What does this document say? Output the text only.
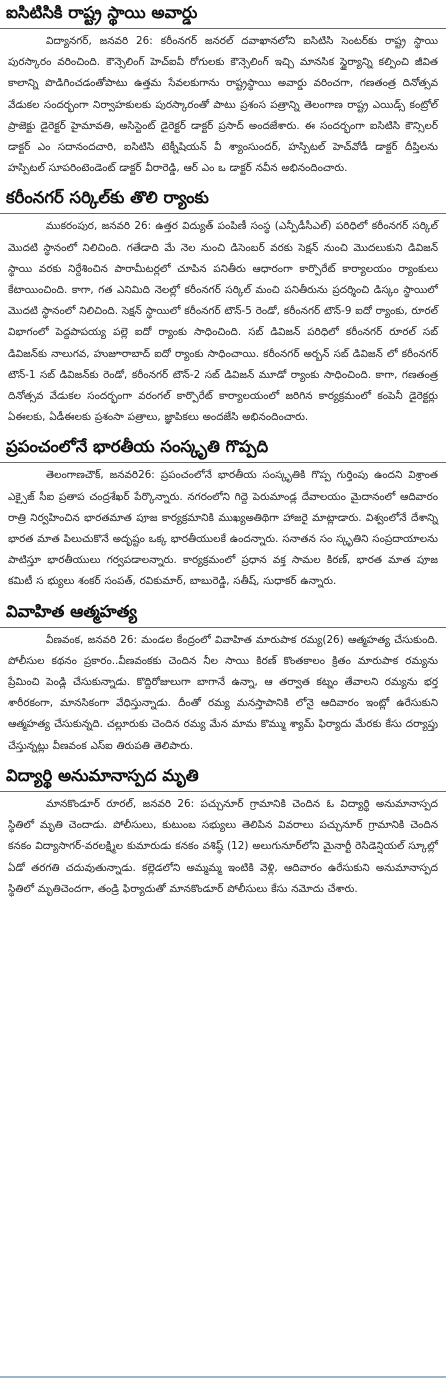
ఐసిటిసికి రాష్ట్ర స్థాయి అవార్డు

విద్యానగర్‌, జనవరి 26: కరీంనగర్‌ జనరల్‌ దవాఖానలోని ఐసిటిసి సెంటర్‌కు రాష్ట్ర స్థాయి పురస్కారం వరించింది. కౌన్సెలింగ్‌ హెచ్‌ఐవీ రోగులకు కౌన్సెలింగ్‌ ఇచ్చి మానసిక స్థైర్యాన్ని కల్పించి జీవిత కాలాన్ని పొడిగించడంతోపాటు ఉత్తమ సేవలకుగాను రాష్ట్రస్థాయి అవార్డు వరించగా, గణతంత్ర దినోత్సవ వేడుకల సందర్భంగా నిర్వాహకులకు పురస్కారంతో పాటు ప్రశంస పత్రాన్ని తెలంగాణ రాష్ట్ర ఎయిడ్స్‌ కంట్రోల్‌ ప్రాజెక్టు డైరెక్టర్‌ హైమావతి, అసిస్టెంట్‌ డైరెక్టర్‌ డాక్టర్‌ ప్రసాద్‌ అందజేశారు. ఈ సందర్భంగా ఐసిటిసి కౌన్సిలర్‌ డాక్టర్‌ ఎం సదానందచారి, ఐసిటిసి టెక్నీషియన్‌ వీ శ్యాంసుందర్‌, హస్పిటల్‌ హెచ్‌వోడీ డాక్టర్‌ దీప్తిలను హస్పిటల్‌ సూపరింటెండెంట్‌ డాక్టర్‌ వీరారెడ్డి, ఆర్‌ ఎం ఒ డాక్టర్‌ నవీన అభినందించారు.

కరీంనగర్‌ సర్కిల్‌కు తొలి ర్యాంకు

ముకరంపుర, జనవరి 26: ఉత్తర విద్యుత్‌ పంపిణీ సంస్థ (ఎన్పీడీసీఎల్‌) పరిధిలో కరీంనగర్‌ సర్కిల్‌ మొదటి స్థానంలో నిలిచింది. గతేడాది మే నెల నుంచి డిసెంబర్‌ వరకు సెక్షన్‌ నుంచి మొదలుకుని డివిజన్‌ స్థాయి వరకు నిర్దేశించిన పారామీటర్లలో చూపిన పనితీరు ఆధారంగా కార్పొరేట్‌ కార్యాలయం ర్యాంకులు కేటాయించింది. కాగా, గత ఎనిమిది నెలల్లో కరీంనగర్‌ సర్కిల్‌ మంచి పనితీరును ప్రదర్శించి డిస్కం స్థాయిలో మొదటి స్థానంలో నిలిచింది. సెక్షన్‌ స్థాయిలో కరీంనగర్‌ టౌన్‌-5 రెండో, కరీంనగర్‌ టౌన్‌-9 ఐదో ర్యాంకు, రూరల్‌ విభాగంలో పెద్దపాపయ్య పల్లె ఐదో ర్యాంకు సాధించింది. సబ్‌ డివిజన్‌ పరిధిలో కరీంనగర్‌ రూరల్‌ సబ్‌ డివిజన్‌కు నాలుగవ, హుజూరాబాద్‌ ఐదో ర్యాంకు సాధించాయి. కరీంనగర్‌ అర్బన్‌ సబ్‌ డివిజన్‌ లో కరీంనగర్‌ టౌన్‌-1 సబ్‌ డివిజన్‌కు రెండో, కరీంనగర్‌ టౌన్‌-2 సబ్‌ డివిజన్‌ మూడో ర్యాంకు సాధించింది. కాగా, గణతంత్ర దినోత్సవ వేడుకల సందర్భంగా వరంగల్‌ కార్పొరేట్‌ కార్యాలయంలో జరిగిన కార్యక్రమంలో కంపెనీ డైరెక్టర్లు ఏఈలకు, ఏడీఈలకు ప్రశంసా పత్రాలు, జ్ఞాపికలు అందజేసి అభినందించారు.

ప్రపంచంలోనే భారతీయ సంస్కృతి గొప్పది

తెలంగాణచౌక్‌, జనవరి26: ప్రపంచంలోనే భారతీయ సంస్కృతికి గొప్ప గుర్తింపు ఉందని విశ్రాంత ఎక్సైజ్‌ సీఐ ప్రతాప చంద్రశేఖర్‌ పేర్కొన్నారు. నగరంలోని గిద్దె పెరుమాండ్ల దేవాలయం మైదానంలో ఆదివారం రాత్రి నిర్వహించిన భారతమాత పూజ కార్యక్రమానికి ముఖ్యఅతిథిగా హాజరై మాట్లాడారు. విశ్వంలోనే దేశాన్ని భారత మాత పిలుచుకొనే అదృష్టం ఒక్క భారతీయులకే ఉందన్నారు. సనాతన సం స్కృతిని సంప్రదాయాలను పాటిస్తూ భారతీయులు గర్వపడాలన్నారు. కార్యక్రమంలో ప్రధాన వక్త సామల కిరణ్‌, భారత మాత పూజ కమిటీ స భ్యులు శంకర్‌ సంపత్‌, రవికుమార్‌, బాబురెడ్డి, సతీష్‌, సుధాకర్‌ ఉన్నారు.

వివాహిత ఆత్మహత్య

వీణవంక, జనవరి 26: మండల కేంద్రంలో వివాహిత మారుపాక రమ్య(26) ఆత్మహత్య చేసుకుంది. పోలీసుల కథనం ప్రకారం..వీణవంకకు చెందిన నీల సాయి కిరణ్‌ కొంతకాలం క్రితం మారుపాక రమ్యను ప్రేమించి పెండ్లి చేసుకున్నాడు. కొద్దిరోజులుగా బాగానే ఉన్నా, ఆ తర్వాత కట్నం తేవాలని రమ్యను భర్త శారీరకంగా, మానసికంగా వేధిస్తున్నాడు. దీంతో రమ్య మనస్తాపానికి లోనై ఆదివారం ఇంట్లో ఉరేసుకుని ఆత్మహత్య చేసుకున్నది. చల్లూరుకు చెందిన రమ్య మేన మామ కొమ్ము శ్యామ్‌ ఫిర్యాదు మేరకు కేసు దర్యాప్తు చేస్తున్నట్లు వీణవంక ఎస్‌ఐ తిరుపతి తెలిపారు.

విద్యార్థి అనుమానాస్పద మృతి

మానకొండూర్‌ రూరల్‌, జనవరి 26: పచ్చునూర్‌ గ్రామానికి చెందిన ఓ విద్యార్థి అనుమానాస్పద స్థితిలో మృతి చెందాడు. పోలీసులు, కుటుంబ సభ్యులు తెలిపిన వివరాలు పచ్చునూర్‌ గ్రామానికి చెందిన కనకం విద్యాసాగర్‌-వరలక్ష్మిల కుమారుడు కనకం వశిష్ఠ్‌ (12) అలుగునూర్‌లోని మైనార్టీ రెసిడెన్షియల్‌ స్కూల్లో ఏడో తరగతి చదువుతున్నాడు. కల్లెడలోని అమ్మమ్మ ఇంటికి వెళ్లి, ఆదివారం ఉరేసుకుని అనుమానాస్పద స్థితిలో మృతిచెందగా, తండ్రి ఫిర్యాదుతో మానకొండూర్‌ పోలీసులు కేసు నమోదు చేశారు.
